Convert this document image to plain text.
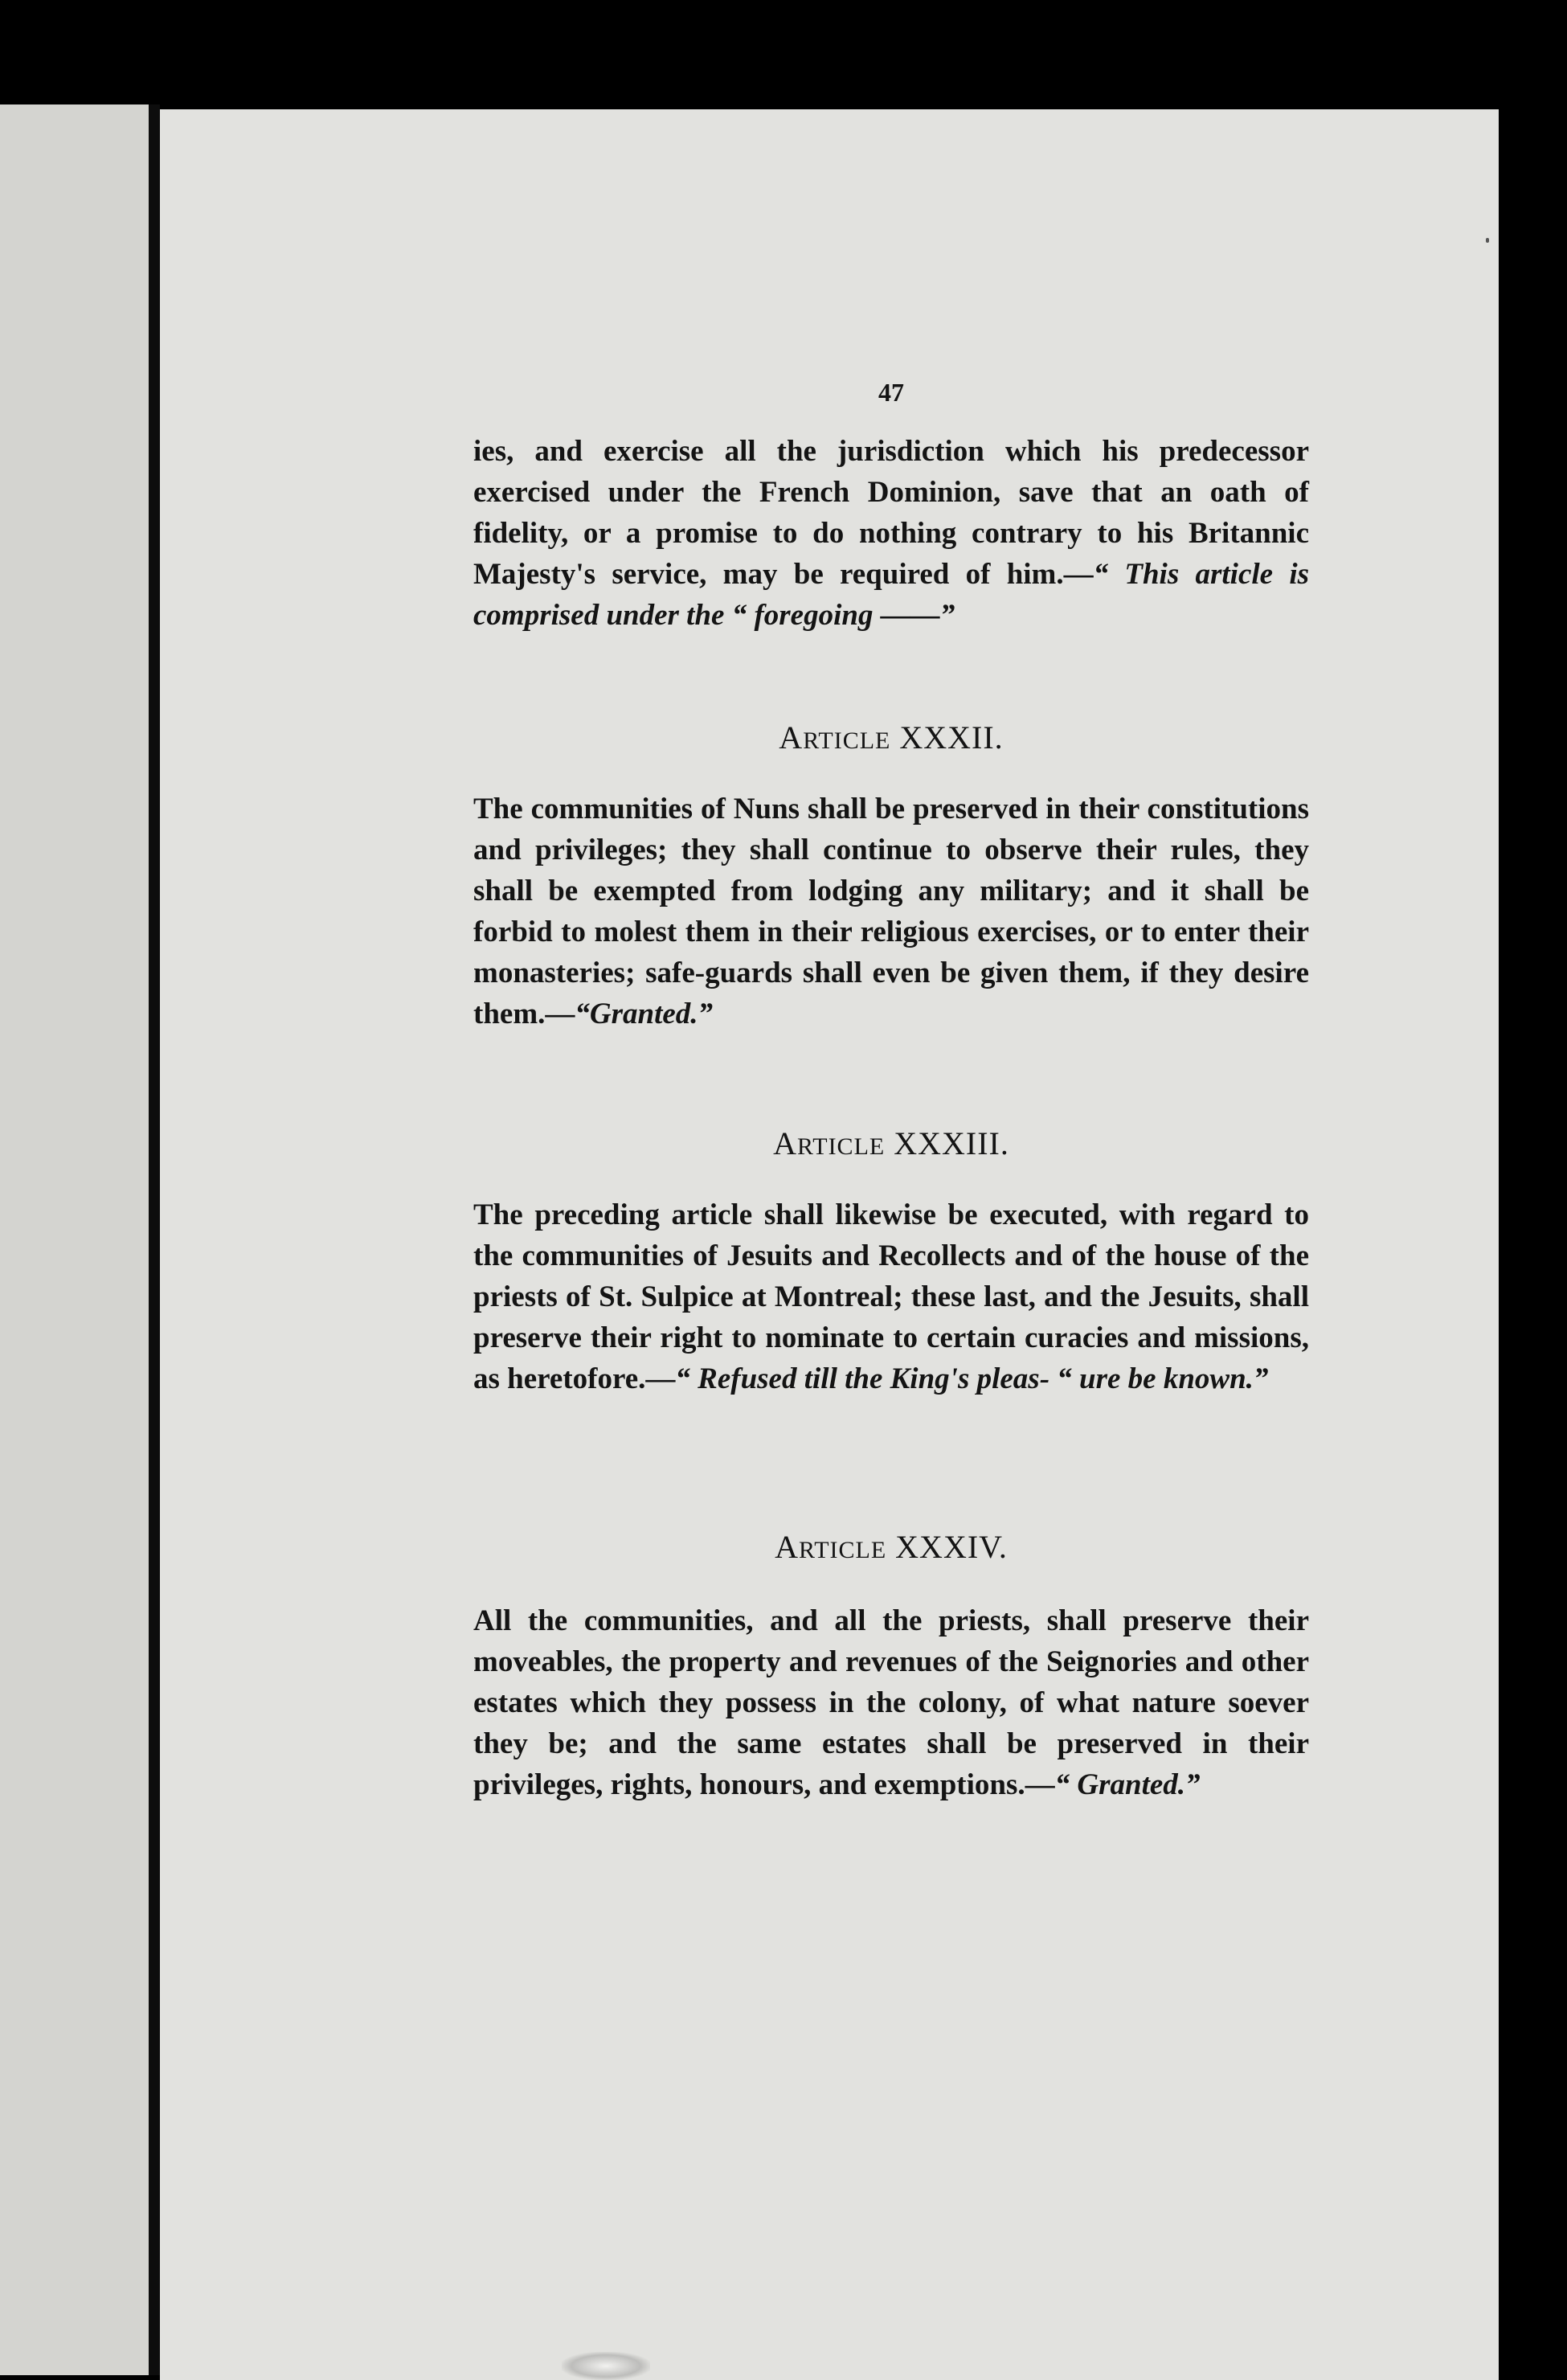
47

ies, and exercise all the jurisdiction which his predecessor exercised under the French Dominion, save that an oath of fidelity, or a promise to do nothing contrary to his Britannic Majesty's service, may be required of him.—“ This article is comprised under the “ foregoing ——”

ARTICLE XXXII.

The communities of Nuns shall be preserved in their constitutions and privileges; they shall continue to observe their rules, they shall be exempted from lodging any military; and it shall be forbid to molest them in their religious exercises, or to enter their monasteries; safe-guards shall even be given them, if they desire them.—“Granted.”

ARTICLE XXXIII.

The preceding article shall likewise be executed, with regard to the communities of Jesuits and Recollects and of the house of the priests of St. Sulpice at Montreal; these last, and the Jesuits, shall preserve their right to nominate to certain curacies and missions, as heretofore.—“ Refused till the King's pleas- “ ure be known.”

ARTICLE XXXIV.

All the communities, and all the priests, shall preserve their moveables, the property and revenues of the Seignories and other estates which they possess in the colony, of what nature soever they be; and the same estates shall be preserved in their privileges, rights, honours, and exemptions.—“ Granted.”
